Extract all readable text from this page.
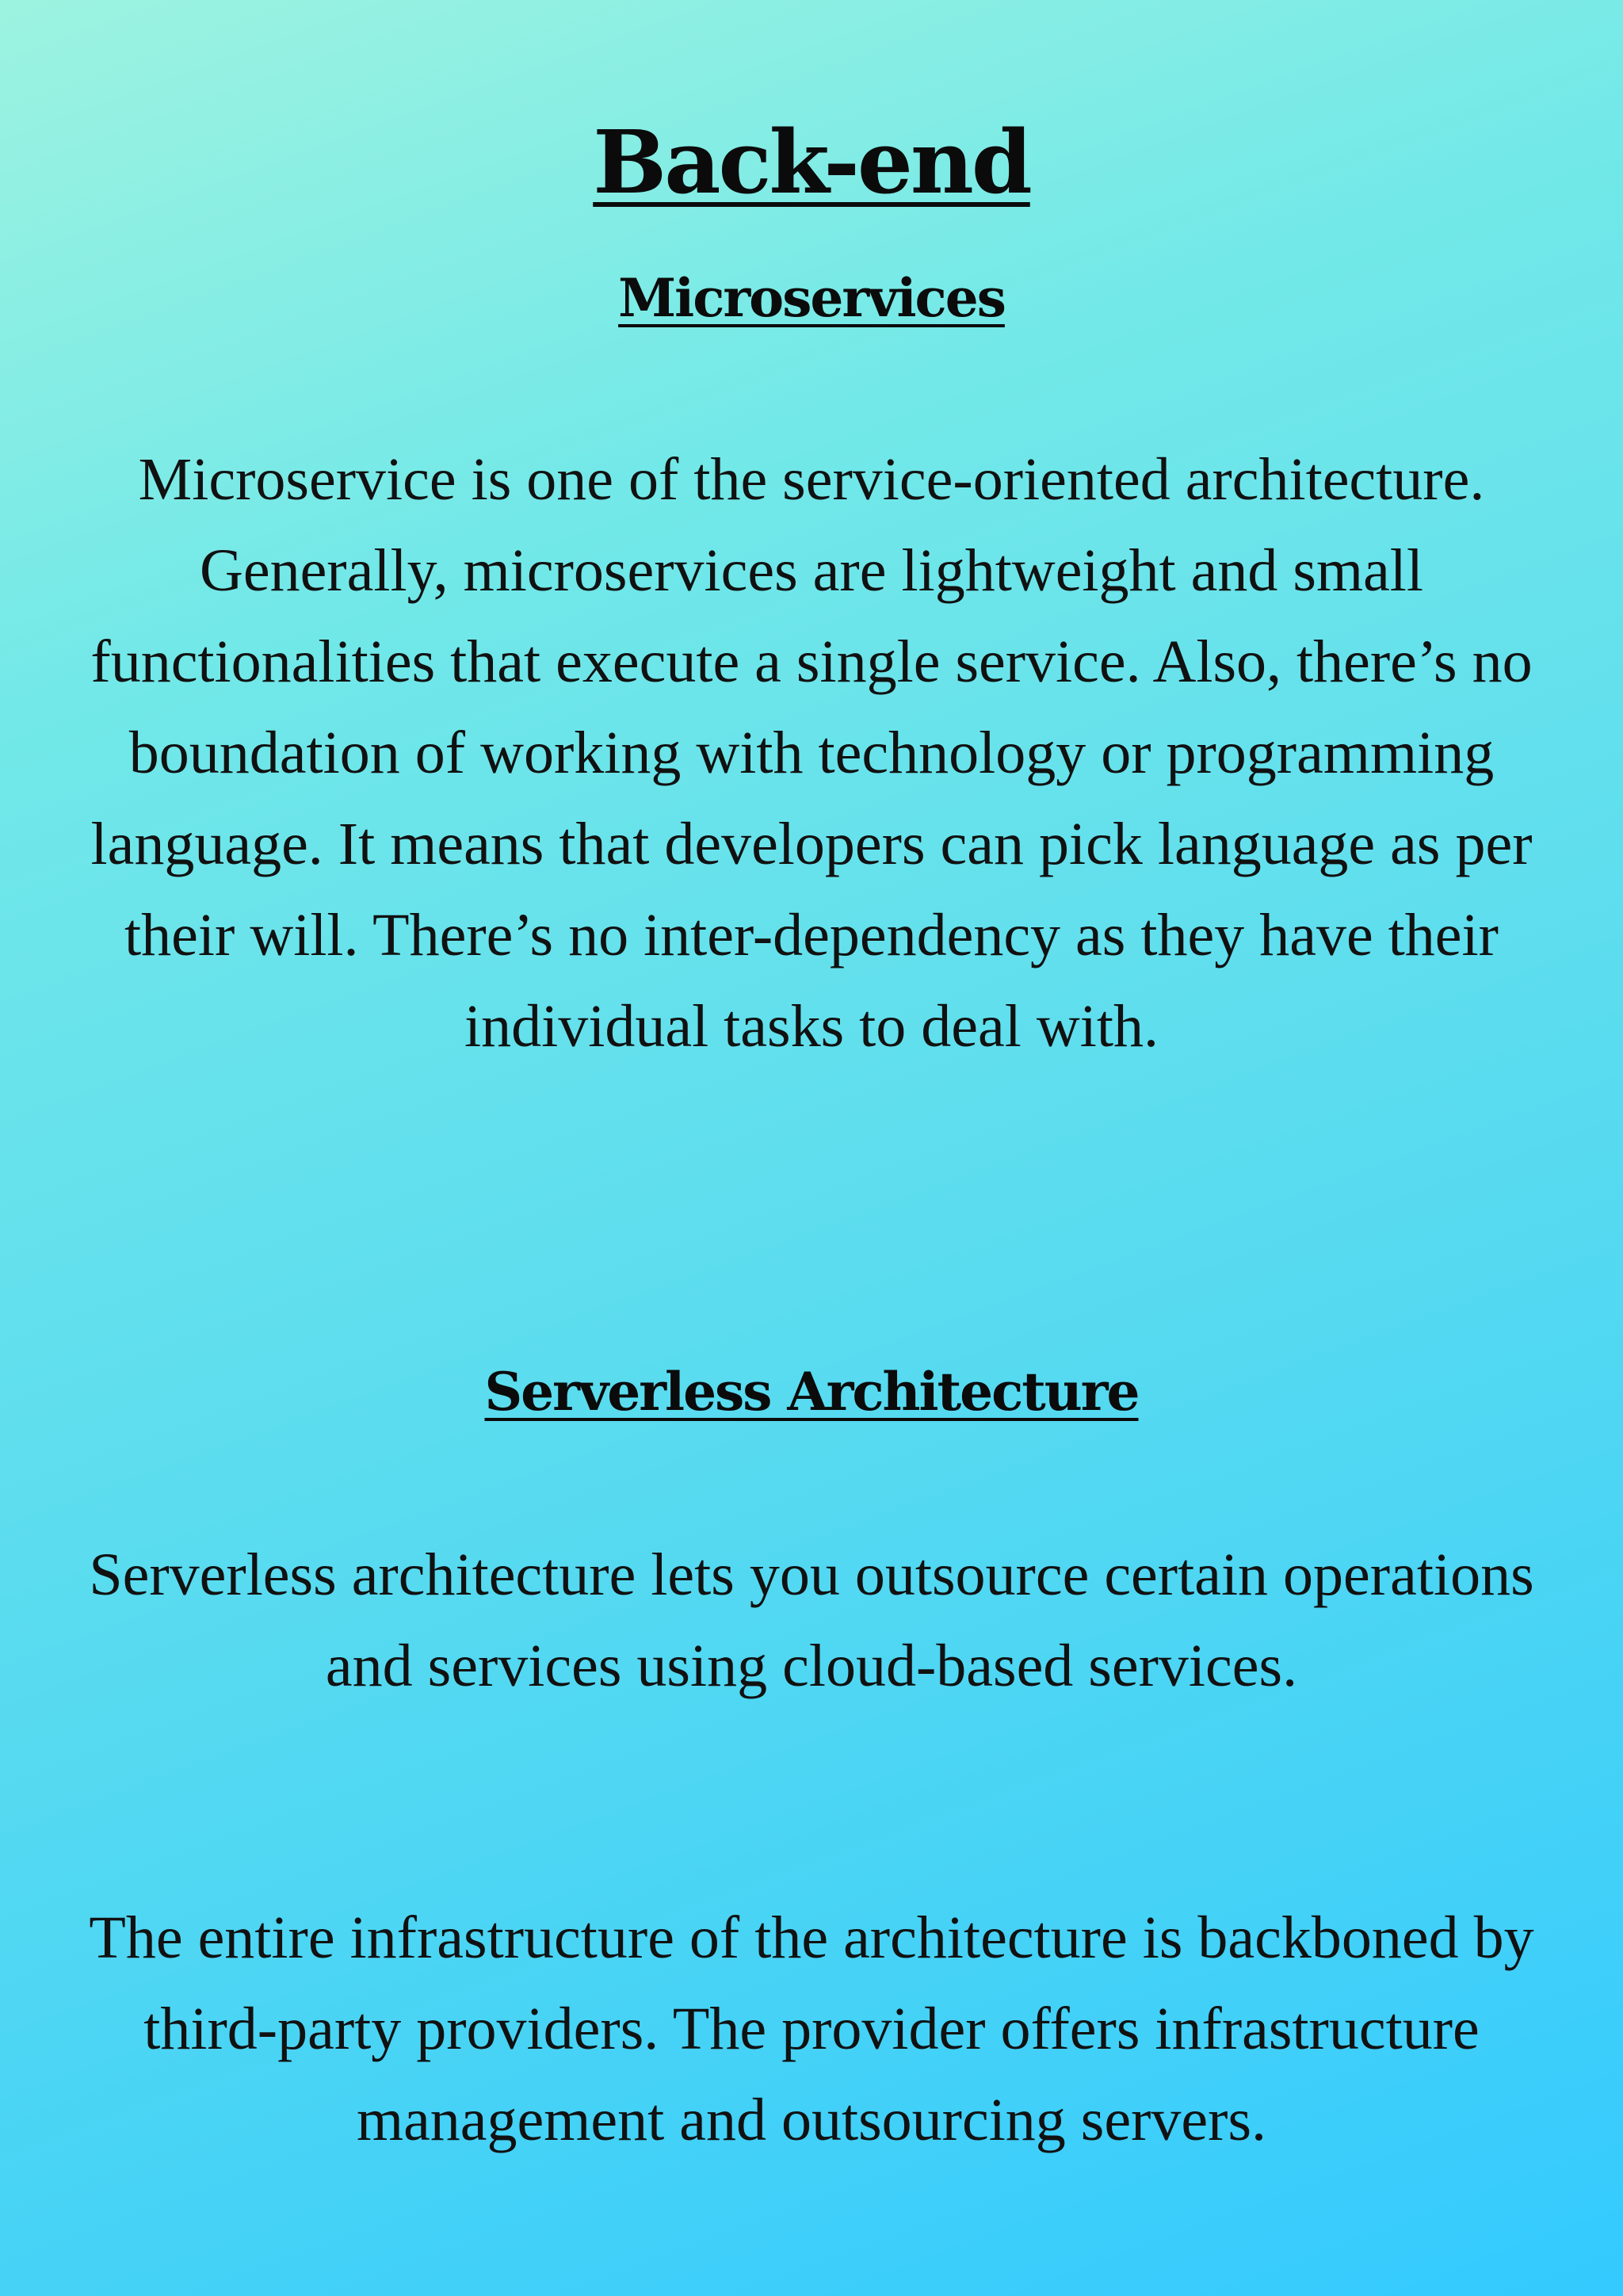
Back-end
Microservices

Microservice is one of the service-oriented architecture. Generally, microservices are lightweight and small functionalities that execute a single service. Also, there’s no boundation of working with technology or programming language. It means that developers can pick language as per their will. There’s no inter-dependency as they have their individual tasks to deal with.

Serverless Architecture

Serverless architecture lets you outsource certain operations and services using cloud-based services.

The entire infrastructure of the architecture is backboned by third-party providers. The provider offers infrastructure management and outsourcing servers.
